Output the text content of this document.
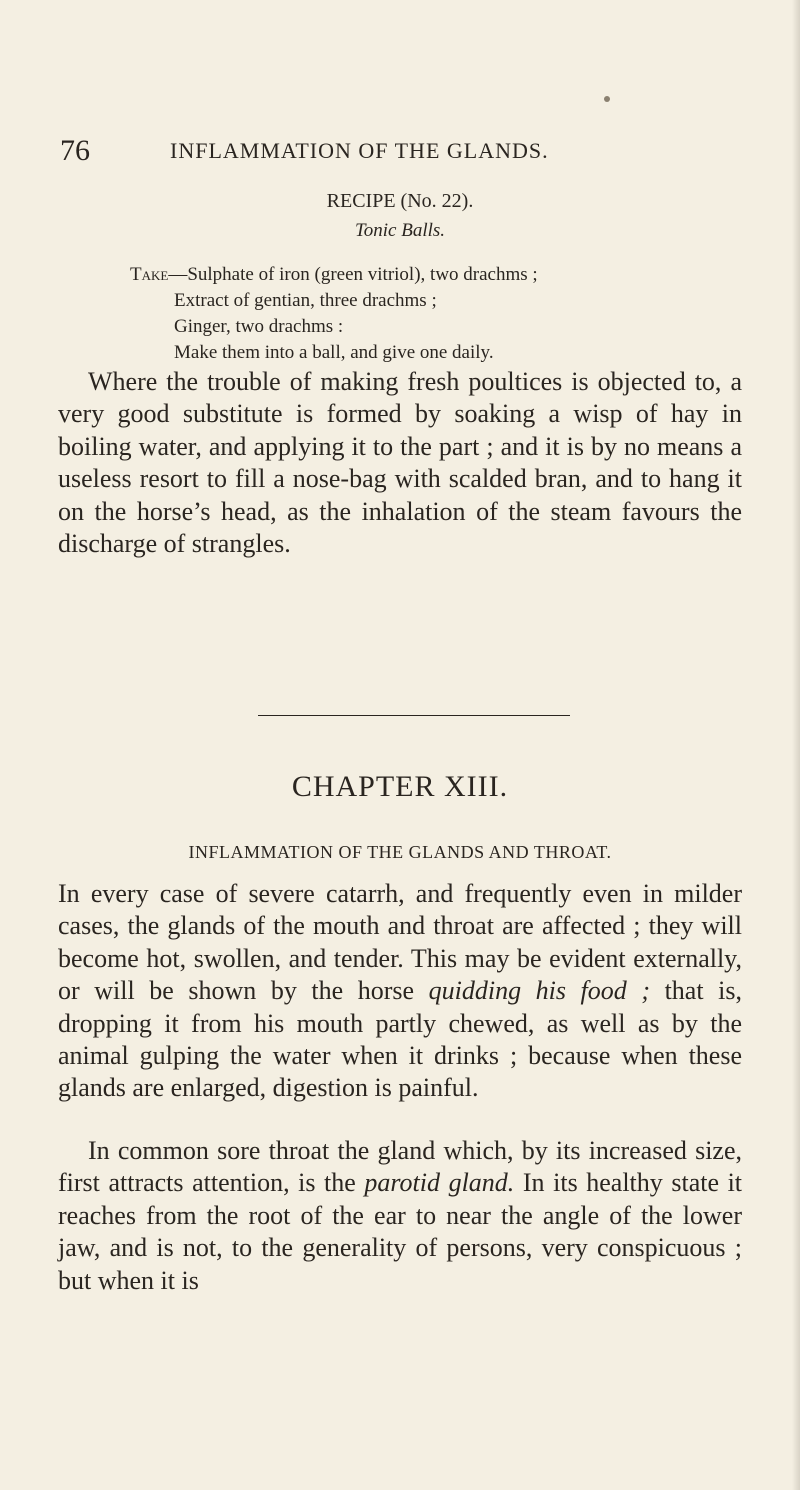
76	INFLAMMATION OF THE GLANDS.
RECIPE (No. 22).
Tonic Balls.
Take—Sulphate of iron (green vitriol), two drachms ;
Extract of gentian, three drachms ;
Ginger, two drachms :
Make them into a ball, and give one daily.

Where the trouble of making fresh poultices is objected to, a very good substitute is formed by soaking a wisp of hay in boiling water, and applying it to the part ; and it is by no means a useless resort to fill a nose-bag with scalded bran, and to hang it on the horse’s head, as the inhalation of the steam favours the discharge of strangles.

CHAPTER XIII.
INFLAMMATION OF THE GLANDS AND THROAT.

In every case of severe catarrh, and frequently even in milder cases, the glands of the mouth and throat are affected ; they will become hot, swollen, and tender. This may be evident externally, or will be shown by the horse quidding his food ; that is, dropping it from his mouth partly chewed, as well as by the animal gulping the water when it drinks ; because when these glands are enlarged, digestion is painful.

In common sore throat the gland which, by its increased size, first attracts attention, is the parotid gland. In its healthy state it reaches from the root of the ear to near the angle of the lower jaw, and is not, to the generality of persons, very conspicuous ; but when it is
